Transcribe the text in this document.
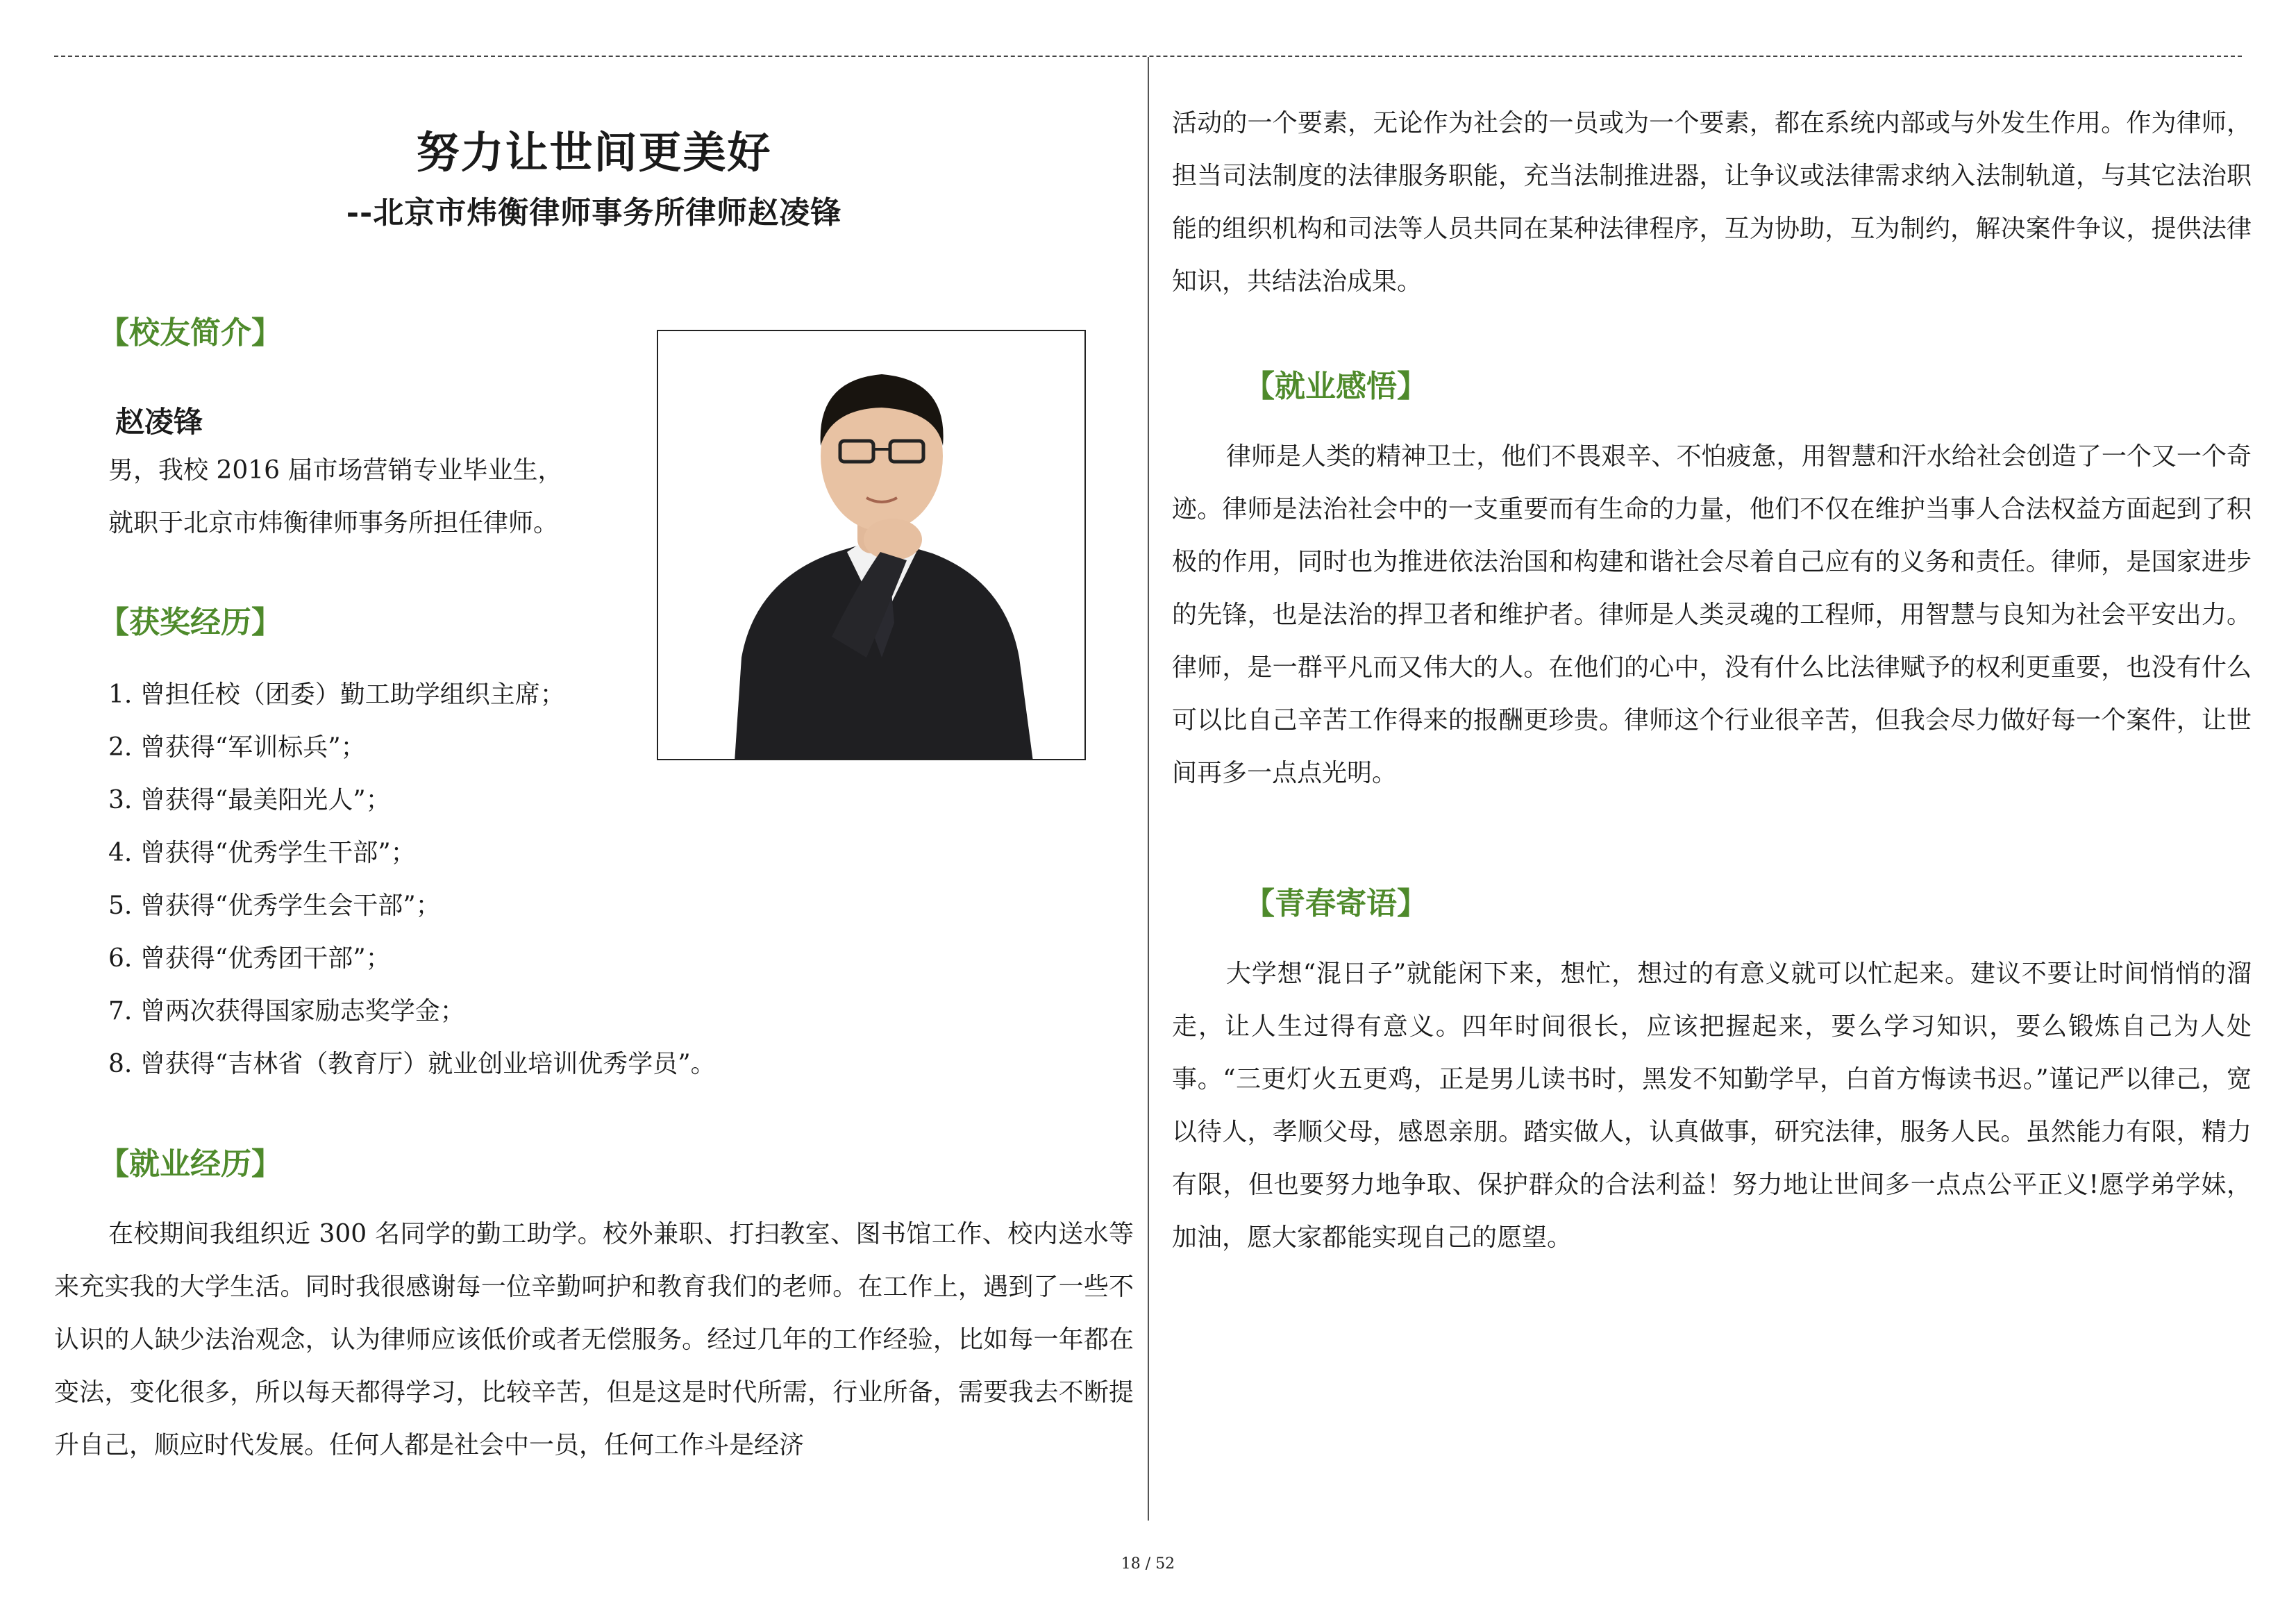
努力让世间更美好
--北京市炜衡律师事务所律师赵凌锋
【校友简介】

赵凌锋

男，我校 2016 届市场营销专业毕业生，

就职于北京市炜衡律师事务所担任律师。

【获奖经历】

1. 曾担任校（团委）勤工助学组织主席；

2. 曾获得“军训标兵”；

3. 曾获得“最美阳光人”；

4. 曾获得“优秀学生干部”；

5. 曾获得“优秀学生会干部”；

6. 曾获得“优秀团干部”；

7. 曾两次获得国家励志奖学金；

8. 曾获得“吉林省（教育厅）就业创业培训优秀学员”。

【就业经历】

在校期间我组织近 300 名同学的勤工助学。校外兼职、打扫教室、图书馆工作、校内送水等来充实我的大学生活。同时我很感谢每一位辛勤呵护和教育我们的老师。在工作上，遇到了一些不认识的人缺少法治观念，认为律师应该低价或者无偿服务。经过几年的工作经验，比如每一年都在变法，变化很多，所以每天都得学习，比较辛苦，但是这是时代所需，行业所备，需要我去不断提升自己，顺应时代发展。任何人都是社会中一员，任何工作斗是经济

活动的一个要素，无论作为社会的一员或为一个要素，都在系统内部或与外发生作用。作为律师，担当司法制度的法律服务职能，充当法制推进器，让争议或法律需求纳入法制轨道，与其它法治职能的组织机构和司法等人员共同在某种法律程序，互为协助，互为制约，解决案件争议，提供法律知识，共结法治成果。

【就业感悟】

律师是人类的精神卫士，他们不畏艰辛、不怕疲惫，用智慧和汗水给社会创造了一个又一个奇迹。律师是法治社会中的一支重要而有生命的力量，他们不仅在维护当事人合法权益方面起到了积极的作用，同时也为推进依法治国和构建和谐社会尽着自己应有的义务和责任。律师，是国家进步的先锋，也是法治的捍卫者和维护者。律师是人类灵魂的工程师，用智慧与良知为社会平安出力。律师，是一群平凡而又伟大的人。在他们的心中，没有什么比法律赋予的权利更重要，也没有什么可以比自己辛苦工作得来的报酬更珍贵。律师这个行业很辛苦，但我会尽力做好每一个案件，让世间再多一点点光明。

【青春寄语】

大学想“混日子”就能闲下来，想忙，想过的有意义就可以忙起来。建议不要让时间悄悄的溜走，让人生过得有意义。四年时间很长，应该把握起来，要么学习知识，要么锻炼自己为人处事。“三更灯火五更鸡，正是男儿读书时，黑发不知勤学早，白首方悔读书迟。”谨记严以律己，宽以待人，孝顺父母，感恩亲朋。踏实做人，认真做事，研究法律，服务人民。虽然能力有限，精力有限，但也要努力地争取、保护群众的合法利益！努力地让世间多一点点公平正义!愿学弟学妹，加油，愿大家都能实现自己的愿望。

18 / 52
